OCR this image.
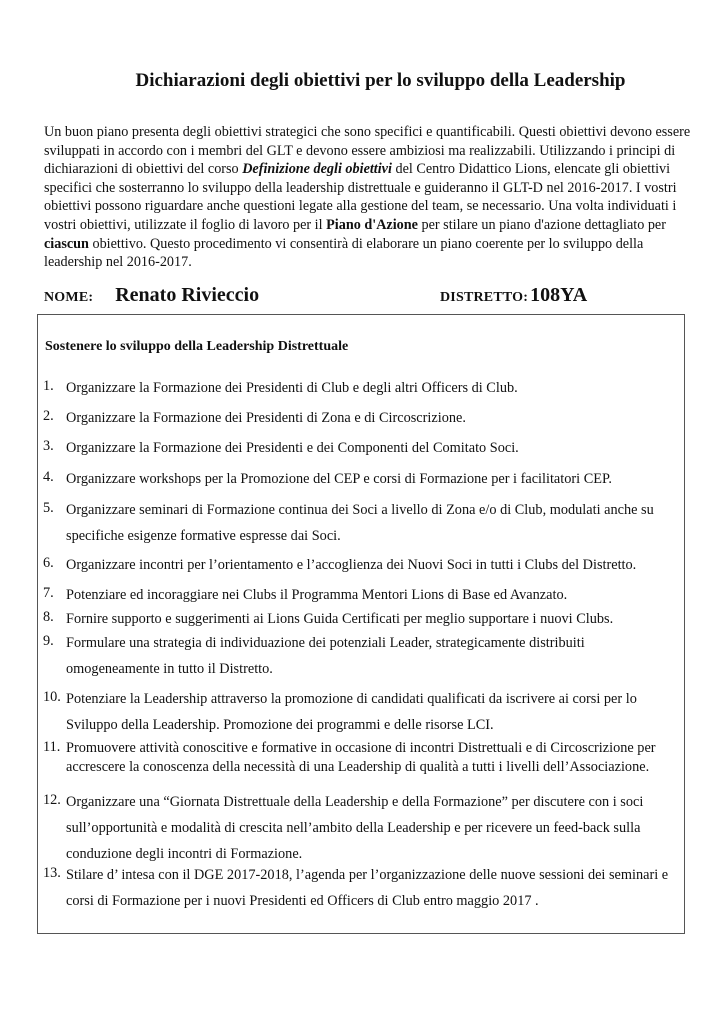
Dichiarazioni degli obiettivi per lo sviluppo della Leadership
Un buon piano presenta degli obiettivi strategici che sono specifici e quantificabili. Questi obiettivi devono essere sviluppati in accordo con i membri del GLT e devono essere ambiziosi ma realizzabili. Utilizzando i principi di dichiarazioni di obiettivi del corso Definizione degli obiettivi del Centro Didattico Lions, elencate gli obiettivi specifici che sosterranno lo sviluppo della leadership distrettuale e guideranno il GLT-D nel 2016-2017. I vostri obiettivi possono riguardare anche questioni legate alla gestione del team, se necessario. Una volta individuati i vostri obiettivi, utilizzate il foglio di lavoro per il Piano d'Azione per stilare un piano d'azione dettagliato per ciascun obiettivo. Questo procedimento vi consentirà di elaborare un piano coerente per lo sviluppo della leadership nel 2016-2017.
NOME: Renato Rivieccio	DISTRETTO: 108YA
Sostenere lo sviluppo della Leadership Distrettuale
1. Organizzare la Formazione dei Presidenti di Club e degli altri Officers di Club.
2. Organizzare la Formazione dei Presidenti di Zona e di Circoscrizione.
3. Organizzare la Formazione dei Presidenti e dei Componenti del Comitato Soci.
4. Organizzare workshops per la Promozione del CEP e corsi di Formazione per i facilitatori CEP.
5. Organizzare seminari di Formazione continua dei Soci a livello di Zona e/o di Club, modulati anche su specifiche esigenze formative espresse dai Soci.
6. Organizzare incontri per l’orientamento e l’accoglienza dei Nuovi Soci in tutti i Clubs del Distretto.
7. Potenziare ed incoraggiare nei Clubs il Programma Mentori Lions di Base ed Avanzato.
8. Fornire supporto e suggerimenti ai Lions Guida Certificati per meglio supportare i nuovi Clubs.
9. Formulare una strategia di individuazione dei potenziali Leader, strategicamente distribuiti omogeneamente in tutto il Distretto.
10. Potenziare la Leadership attraverso la promozione di candidati qualificati da iscrivere ai corsi per lo Sviluppo della Leadership. Promozione dei programmi e delle risorse LCI.
11. Promuovere attività conoscitive e formative in occasione di incontri Distrettuali e di Circoscrizione per accrescere la conoscenza della necessità di una Leadership di qualità a tutti i livelli dell’Associazione.
12. Organizzare una “Giornata Distrettuale della Leadership e della Formazione” per discutere con i soci sull’opportunità e modalità di crescita nell’ambito della Leadership e per ricevere un feed-back sulla conduzione degli incontri di Formazione.
13. Stilare d’ intesa con il DGE 2017-2018, l’agenda per l’organizzazione delle nuove sessioni dei seminari e corsi di Formazione per i nuovi Presidenti ed Officers di Club entro maggio 2017 .
